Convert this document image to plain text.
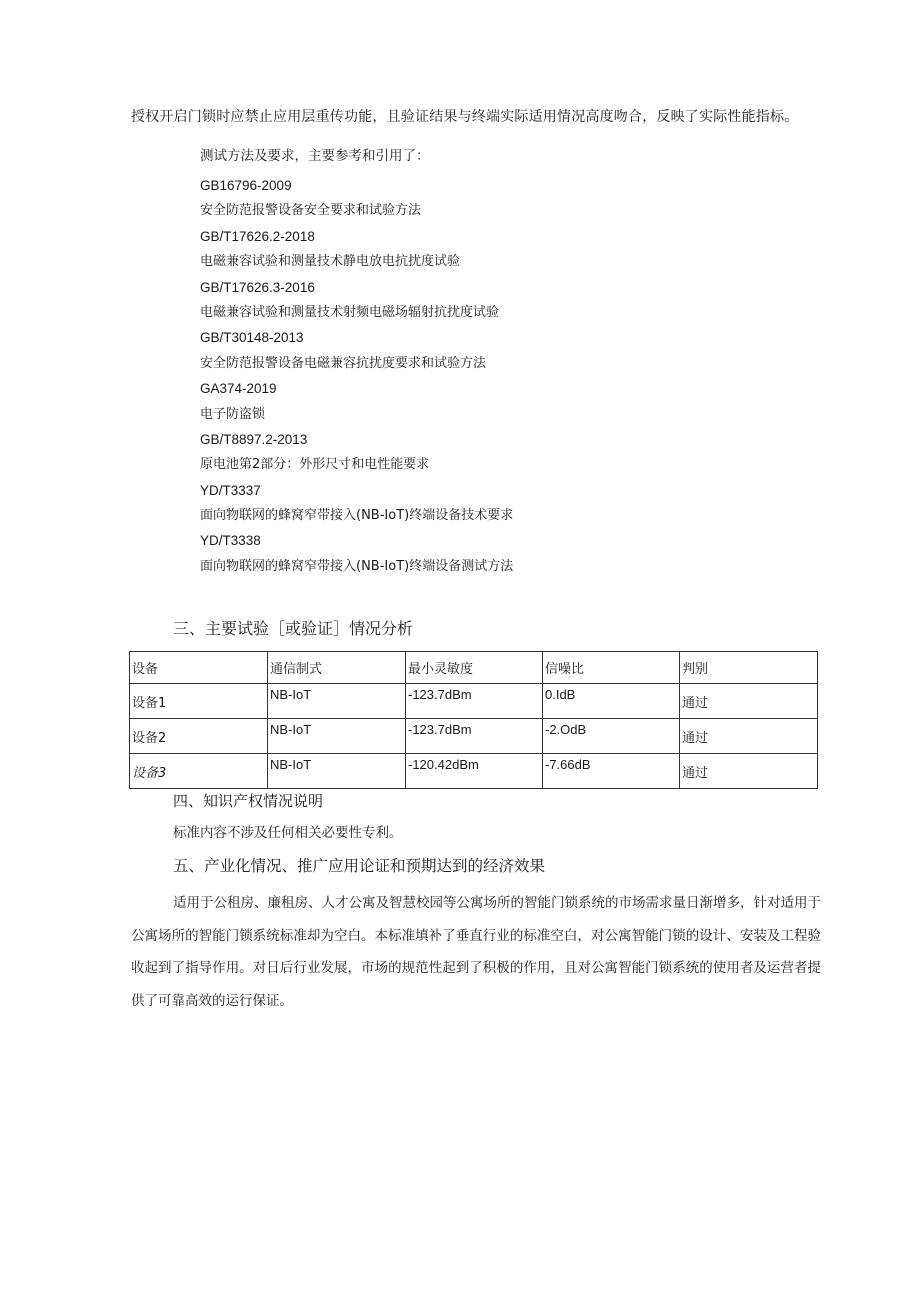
授权开启门锁时应禁止应用层重传功能，且验证结果与终端实际适用情况高度吻合，反映了实际性能指标。
测试方法及要求，主要参考和引用了：
GB16796-2009
安全防范报警设备安全要求和试验方法
GB/T17626.2-2018
电磁兼容试验和测量技术静电放电抗扰度试验
GB/T17626.3-2016
电磁兼容试验和测量技术射频电磁场辐射抗扰度试验
GB/T30148-2013
安全防范报警设备电磁兼容抗扰度要求和试验方法
GA374-2019
电子防盗锁
GB/T8897.2-2013
原电池第2部分：外形尺寸和电性能要求
YD/T3337
面向物联网的蜂窝窄带接入(NB-IoT)终端设备技术要求
YD/T3338
面向物联网的蜂窝窄带接入(NB-IoT)终端设备测试方法
三、主要试验［或验证］情况分析
设备	通信制式	最小灵敏度	信噪比	判别
设备1	NB-IoT	-123.7dBm	0.IdB	通过
设备2	NB-IoT	-123.7dBm	-2.OdB	通过
设备3	NB-IoT	-120.42dBm	-7.66dB	通过
四、知识产权情况说明
标准内容不涉及任何相关必要性专利。
五、产业化情况、推广应用论证和预期达到的经济效果

适用于公租房、廉租房、人才公寓及智慧校园等公寓场所的智能门锁系统的市场需求量日渐增多，针对适用于公寓场所的智能门锁系统标准却为空白。本标准填补了垂直行业的标准空白，对公寓智能门锁的设计、安装及工程验收起到了指导作用。对日后行业发展，市场的规范性起到了积极的作用，且对公寓智能门锁系统的使用者及运营者提供了可靠高效的运行保证。
